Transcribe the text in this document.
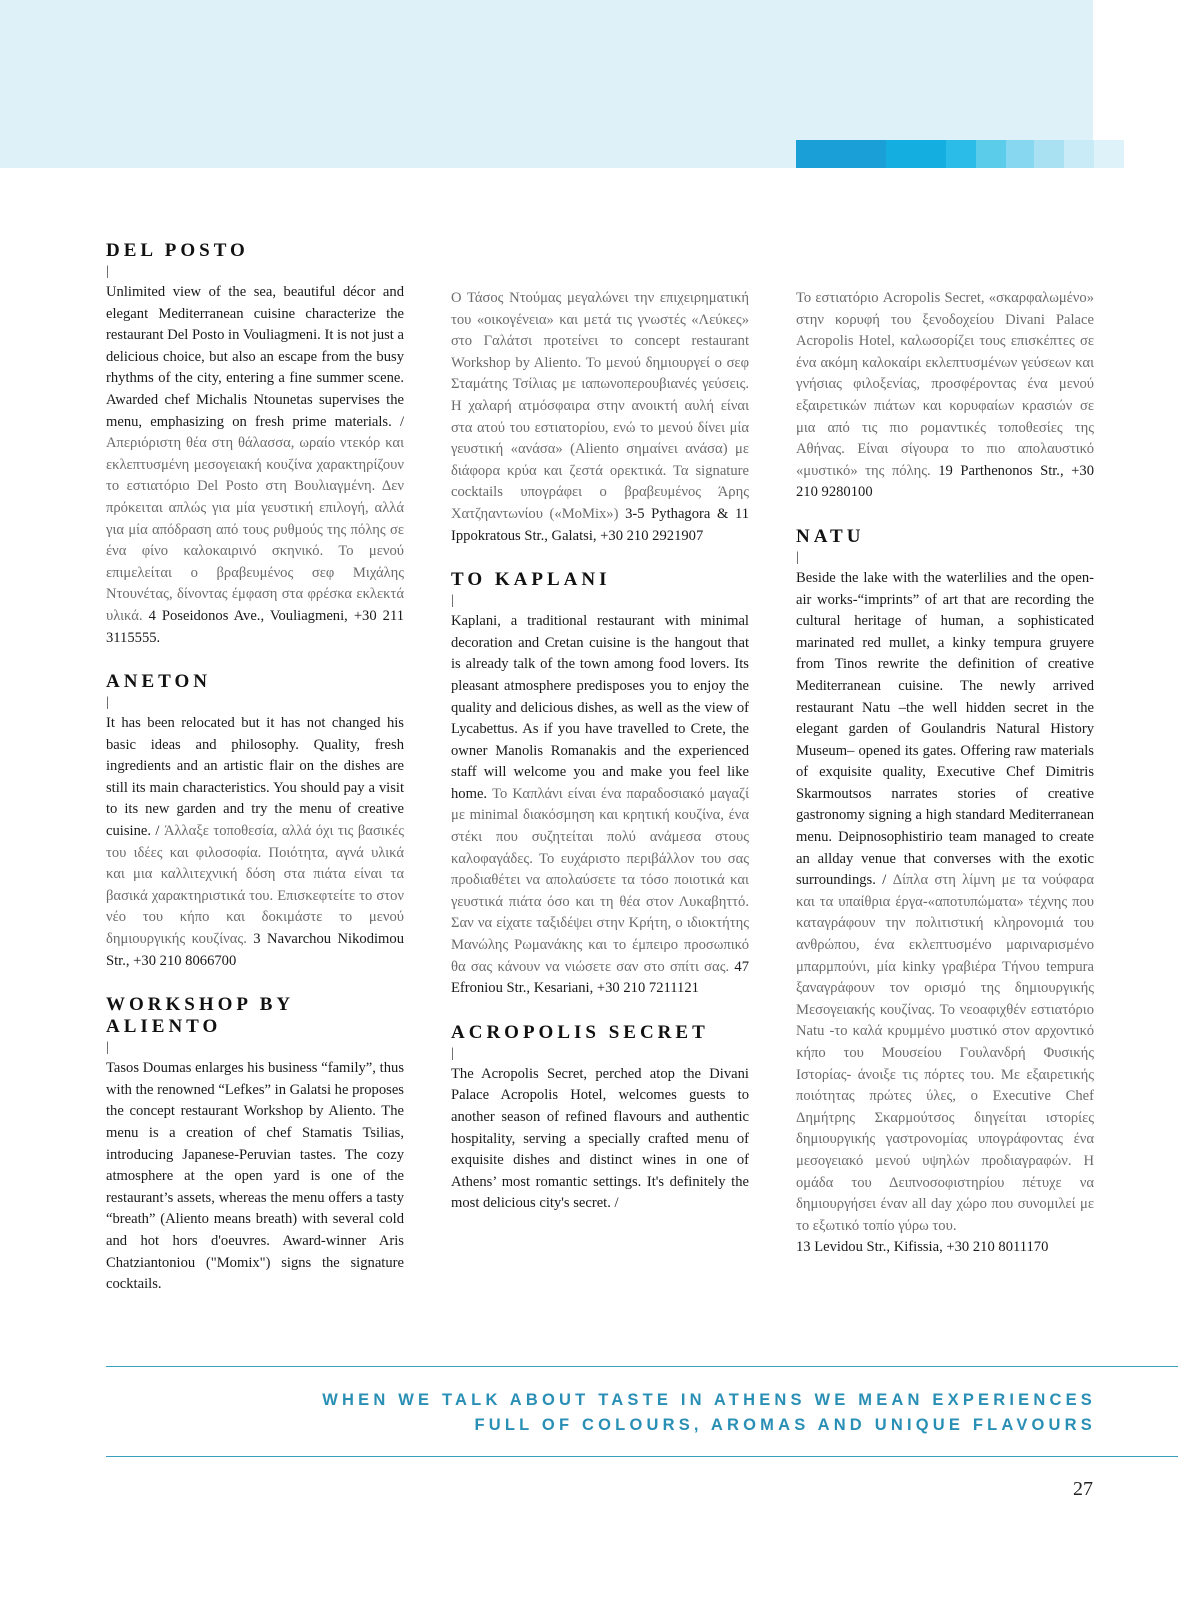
DEL POSTO
|

Unlimited view of the sea, beautiful décor and elegant Mediterranean cuisine characterize the restaurant Del Posto in Vouliagmeni. It is not just a delicious choice, but also an escape from the busy rhythms of the city, entering a fine summer scene. Awarded chef Michalis Ntounetas supervises the menu, emphasizing on fresh prime materials. / Απεριόριστη θέα στη θάλασσα, ωραίο ντεκόρ και εκλεπτυσμένη μεσογειακή κουζίνα χαρακτηρίζουν το εστιατόριο Del Posto στη Βουλιαγμένη. Δεν πρόκειται απλώς για μία γευστική επιλογή, αλλά για μία απόδραση από τους ρυθμούς της πόλης σε ένα φίνο καλοκαιρινό σκηνικό. Το μενού επιμελείται ο βραβευμένος σεφ Μιχάλης Ντουνέτας, δίνοντας έμφαση στα φρέσκα εκλεκτά υλικά. 4 Poseidonos Ave., Vouliagmeni, +30 211 3115555.

ANETON
|

It has been relocated but it has not changed his basic ideas and philosophy. Quality, fresh ingredients and an artistic flair on the dishes are still its main characteristics. You should pay a visit to its new garden and try the menu of creative cuisine. / Άλλαξε τοποθεσία, αλλά όχι τις βασικές του ιδέες και φιλοσοφία. Ποιότητα, αγνά υλικά και μια καλλιτεχνική δόση στα πιάτα είναι τα βασικά χαρακτηριστικά του. Επισκεφτείτε το στον νέο του κήπο και δοκιμάστε το μενού δημιουργικής κουζίνας. 3 Navarchou Nikodimou Str., +30 210 8066700

WORKSHOP BY ALIENTO
|

Tasos Doumas enlarges his business “family”, thus with the renowned “Lefkes” in Galatsi he proposes the concept restaurant Workshop by Aliento. The menu is a creation of chef Stamatis Tsilias, introducing Japanese-Peruvian tastes. The cozy atmosphere at the open yard is one of the restaurant’s assets, whereas the menu offers a tasty “breath” (Aliento means breath) with several cold and hot hors d'oeuvres. Award-winner Aris Chatziantoniou ("Momix") signs the signature cocktails.

Ο Τάσος Ντούμας μεγαλώνει την επιχειρηματική του «οικογένεια» και μετά τις γνωστές «Λεύκες» στο Γαλάτσι προτείνει το concept restaurant Workshop by Aliento. Το μενού δημιουργεί ο σεφ Σταμάτης Τσίλιας με ιαπωνοπερουβιανές γεύσεις. Η χαλαρή ατμόσφαιρα στην ανοικτή αυλή είναι στα ατού του εστιατορίου, ενώ το μενού δίνει μία γευστική «ανάσα» (Aliento σημαίνει ανάσα) με διάφορα κρύα και ζεστά ορεκτικά. Τα signature cocktails υπογράφει ο βραβευμένος Άρης Χατζηαντωνίου («ΜοΜix») 3-5 Pythagora & 11 Ippokratous Str., Galatsi, +30 210 2921907

TO KAPLANI
|

Kaplani, a traditional restaurant with minimal decoration and Cretan cuisine is the hangout that is already talk of the town among food lovers. Its pleasant atmosphere predisposes you to enjoy the quality and delicious dishes, as well as the view of Lycabettus. As if you have travelled to Crete, the owner Manolis Romanakis and the experienced staff will welcome you and make you feel like home. Το Καπλάνι είναι ένα παραδοσιακό μαγαζί με minimal διακόσμηση και κρητική κουζίνα, ένα στέκι που συζητείται πολύ ανάμεσα στους καλοφαγάδες. Το ευχάριστο περιβάλλον του σας προδιαθέτει να απολαύσετε τα τόσο ποιοτικά και γευστικά πιάτα όσο και τη θέα στον Λυκαβηττό. Σαν να είχατε ταξιδέψει στην Κρήτη, ο ιδιοκτήτης Μανώλης Ρωμανάκης και το έμπειρο προσωπικό θα σας κάνουν να νιώσετε σαν στο σπίτι σας. 47 Efroniou Str., Kesariani, +30 210 7211121

ACROPOLIS SECRET
|

The Acropolis Secret, perched atop the Divani Palace Acropolis Hotel, welcomes guests to another season of refined flavours and authentic hospitality, serving a specially crafted menu of exquisite dishes and distinct wines in one of Athens’ most romantic settings. It's definitely the most delicious city's secret. /

Το εστιατόριο Acropolis Secret, «σκαρφαλωμένο» στην κορυφή του ξενοδοχείου Divani Palace Acropolis Hotel, καλωσορίζει τους επισκέπτες σε ένα ακόμη καλοκαίρι εκλεπτυσμένων γεύσεων και γνήσιας φιλοξενίας, προσφέροντας ένα μενού εξαιρετικών πιάτων και κορυφαίων κρασιών σε μια από τις πιο ρομαντικές τοποθεσίες της Αθήνας. Είναι σίγουρα το πιο απολαυστικό «μυστικό» της πόλης. 19 Parthenonos Str., +30 210 9280100

NATU
|

Beside the lake with the waterlilies and the open-air works-“imprints” of art that are recording the cultural heritage of human, a sophisticated marinated red mullet, a kinky tempura gruyere from Tinos rewrite the definition of creative Mediterranean cuisine. The newly arrived restaurant Natu –the well hidden secret in the elegant garden of Goulandris Natural History Museum– opened its gates. Offering raw materials of exquisite quality, Executive Chef Dimitris Skarmoutsos narrates stories of creative gastronomy signing a high standard Mediterranean menu. Deipnosophistirio team managed to create an allday venue that converses with the exotic surroundings. / Δίπλα στη λίμνη με τα νούφαρα και τα υπαίθρια έργα-«αποτυπώματα» τέχνης που καταγράφουν την πολιτιστική κληρονομιά του ανθρώπου, ένα εκλεπτυσμένο μαριναρισμένο μπαρμπούνι, μία kinky γραβιέρα Τήνου tempura ξαναγράφουν τον ορισμό της δημιουργικής Μεσογειακής κουζίνας. Το νεοαφιχθέν εστιατόριο Natu -το καλά κρυμμένο μυστικό στον αρχοντικό κήπο του Μουσείου Γουλανδρή Φυσικής Ιστορίας- άνοιξε τις πόρτες του. Με εξαιρετικής ποιότητας πρώτες ύλες, ο Executive Chef Δημήτρης Σκαρμούτσος διηγείται ιστορίες δημιουργικής γαστρονομίας υπογράφοντας ένα μεσογειακό μενού υψηλών προδιαγραφών. Η ομάδα του Δειπνοσοφιστηρίου πέτυχε να δημιουργήσει έναν all day χώρο που συνομιλεί με το εξωτικό τοπίο γύρω του.

13 Levidou Str., Kifissia, +30 210 8011170

WHEN WE TALK ABOUT TASTE IN ATHENS WE MEAN EXPERIENCES
FULL OF COLOURS, AROMAS AND UNIQUE FLAVOURS
27
